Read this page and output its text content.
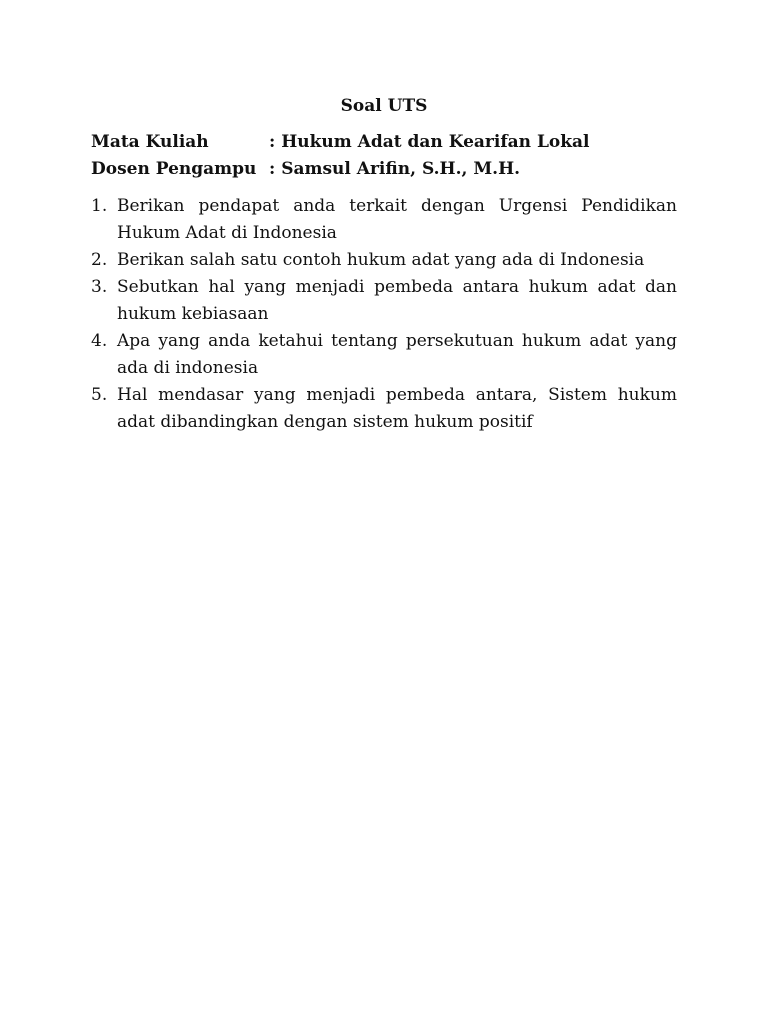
Soal UTS
Mata Kuliah	: Hukum Adat dan Kearifan Lokal
Dosen Pengampu : Samsul Arifin, S.H., M.H.
1. Berikan pendapat anda terkait dengan Urgensi Pendidikan Hukum Adat di Indonesia
2. Berikan salah satu contoh hukum adat yang ada di Indonesia
3. Sebutkan hal yang menjadi pembeda antara hukum adat dan hukum kebiasaan
4. Apa yang anda ketahui tentang persekutuan hukum adat yang ada di indonesia
5. Hal mendasar yang menjadi pembeda antara, Sistem hukum adat dibandingkan dengan sistem hukum positif
